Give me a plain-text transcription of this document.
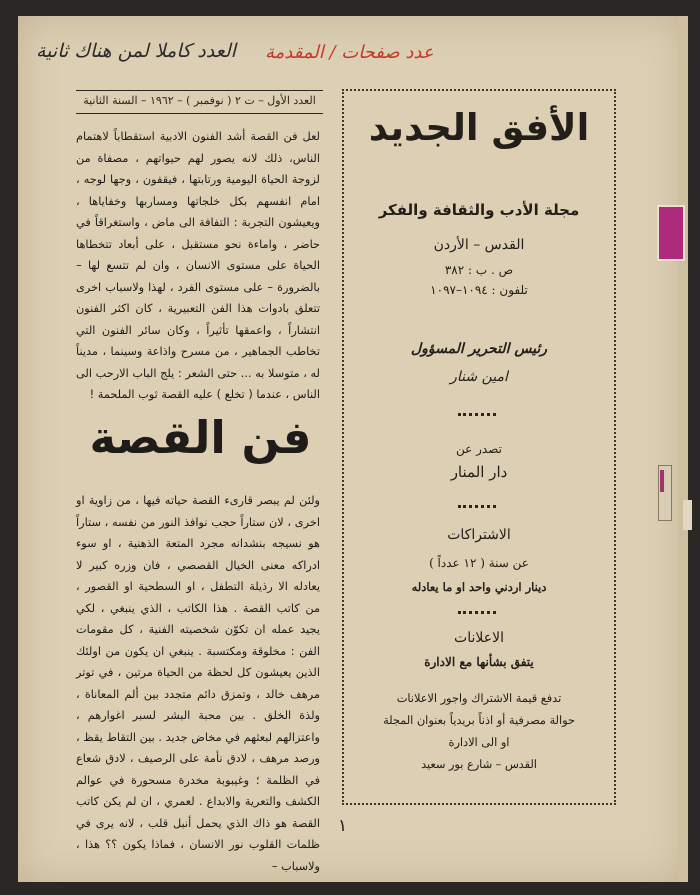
العدد كاملا لمن هناك ثانية عدد صفحات / المقدمة
العدد الأول – ت ٢ ( نوفمبر ) – ١٩٦٢ – السنة الثانية
لعل فن القصة أشد الفنون الادبية استقطاباً لاهتمام الناس، ذلك لانه يصور لهم حيواتهم ، مصفاة من لزوجة الحياة اليومية ورتابتها ، فيقفون ، وجها لوجه ، امام انفسهم بكل خلجاتها ومساربها وخفاياها ، ويعيشون التجربة : التفافة الى ماض ، واستغراقاً في حاضر ، واماءة نحو مستقبل ، على أبعاد تتخطاها الحياة على مستوى الانسان ، وان لم تتسع لها – بالضرورة – على مستوى الفرد ، لهذا ولاسباب اخرى تتعلق بادوات هذا الفن التعبيرية ، كان اكثر الفنون انتشاراً ، واعمقها تأثيراً ، وكان سائر الفنون التي تخاطب الجماهير ، من مسرح واذاعة وسينما ، مديناً له ، متوسلا به ... حتى الشعر : يلج الباب الارحب الى الناس ، عندما ( تخلع ) عليه القصة ثوب الملحمة !
فن القصة
ولئن لم يبصر قارىء القصة حياته فيها ، من زاوية او اخرى ، لان ستاراً حجب نوافذ النور من نفسه ، ستاراً هو نسيجه بنشدانه مجرد المتعة الذهنية ، او سوء ادراكه معنى الخيال القصصي ، فان وزره كبير لا يعادله الا رذيلة التطفل ، او السطحية او القصور ، من كاتب القصة . هذا الكاتب ، الذي ينبغي ، لكي يجيد عمله ان تكوّن شخصيته الفنية ، كل مقومات الفن : مخلوقة ومكتسبة . ينبغي ان يكون من اولئك الذين يعيشون كل لحظة من الحياة مرتين ، في توتر مرهف خالد ، وتمزق دائم متجدد بين ألم المعاناة ، ولذة الخلق . بين محبة البشر لسبر اغوارهم ، واعتزالهم لبعثهم في مخاض جديد . بين التقاط يقظ ، ورصد مرهف ، لادق نأمة على الرصيف ، لادق شعاع في الظلمة ؛ وغيبوبة مخدرة مسحورة في عوالم الكشف والتعرية والابداع . لعمري ، ان لم يكن كاتب القصة هو ذاك الذي يحمل أنبل قلب ، لانه يرى في ظلمات القلوب نور الانسان ، فماذا يكون ؟؟ هذا ، ولاسباب –
الأفق الجديد
مجلة الأدب والثقافة والفكر
القدس – الأردن
ص . ب : ٣٨٢
تلفون : ١٠٩٤–١٠٩٧
رئيس التحرير المسؤول
امين شنار
تصدر عن
دار المنار
الاشتراكات
عن سنة ( ١٢ عدداً )
دينار اردني واحد او ما يعادله
الاعلانات
يتفق بشأنها مع الادارة
تدفع قيمة الاشتراك واجور الاعلانات
حوالة مصرفية أو اذناً بريدياً بعنوان المجلة
او الى الادارة
القدس – شارع بور سعيد
١
